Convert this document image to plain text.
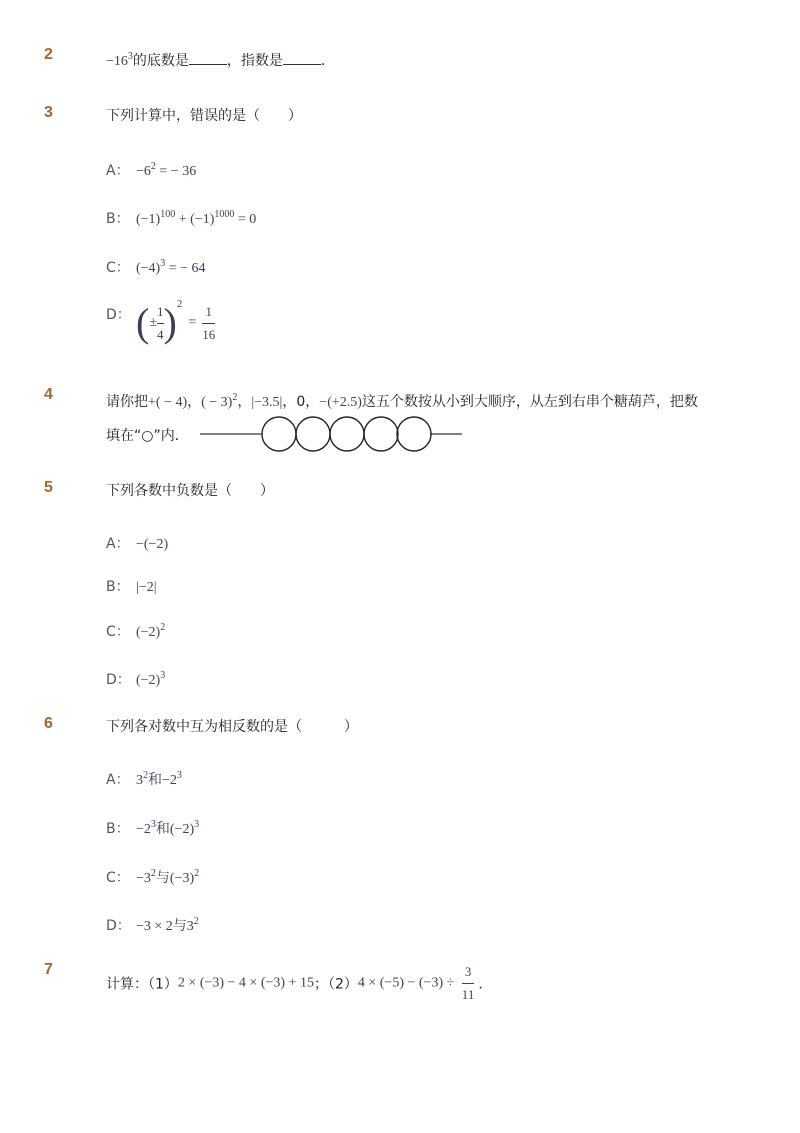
2	$-16^3$的底数是	，指数是	．
3	下列计算中，错误的是（　　）
A： $-6^2$ = − 36
B： $(-1)^{100} + (-1)^{1000} = 0$
C： $(-4)^3$ = − 64
D： (± $\frac{1}{4} )^2= \frac{1}{16}$
4	请你把+( − 4)，( − 3)$^2$，|−3.5|，0，−(+2.5)这五个数按从小到大顺序，从左到右串个糖葫芦，把数
填在“○”内．
5	下列各数中负数是（　　）
A： −(−2)
B： |−2|
C： $(-2)^2$
D： $(-2)^3$
6	下列各对数中互为相反数的是（　　　）
A： $3^2$和$-2^3$
B： $-2^3$和$(-2)^3$
C： $-3^2$与$(-3)^2$
D： −3 × 2与$3^2$
7
计算：（1）2 × (−3) − 4 × (−3) + 15；$(2)4 \times (-5) - (-3) \div \frac{3}{11}$ ．
